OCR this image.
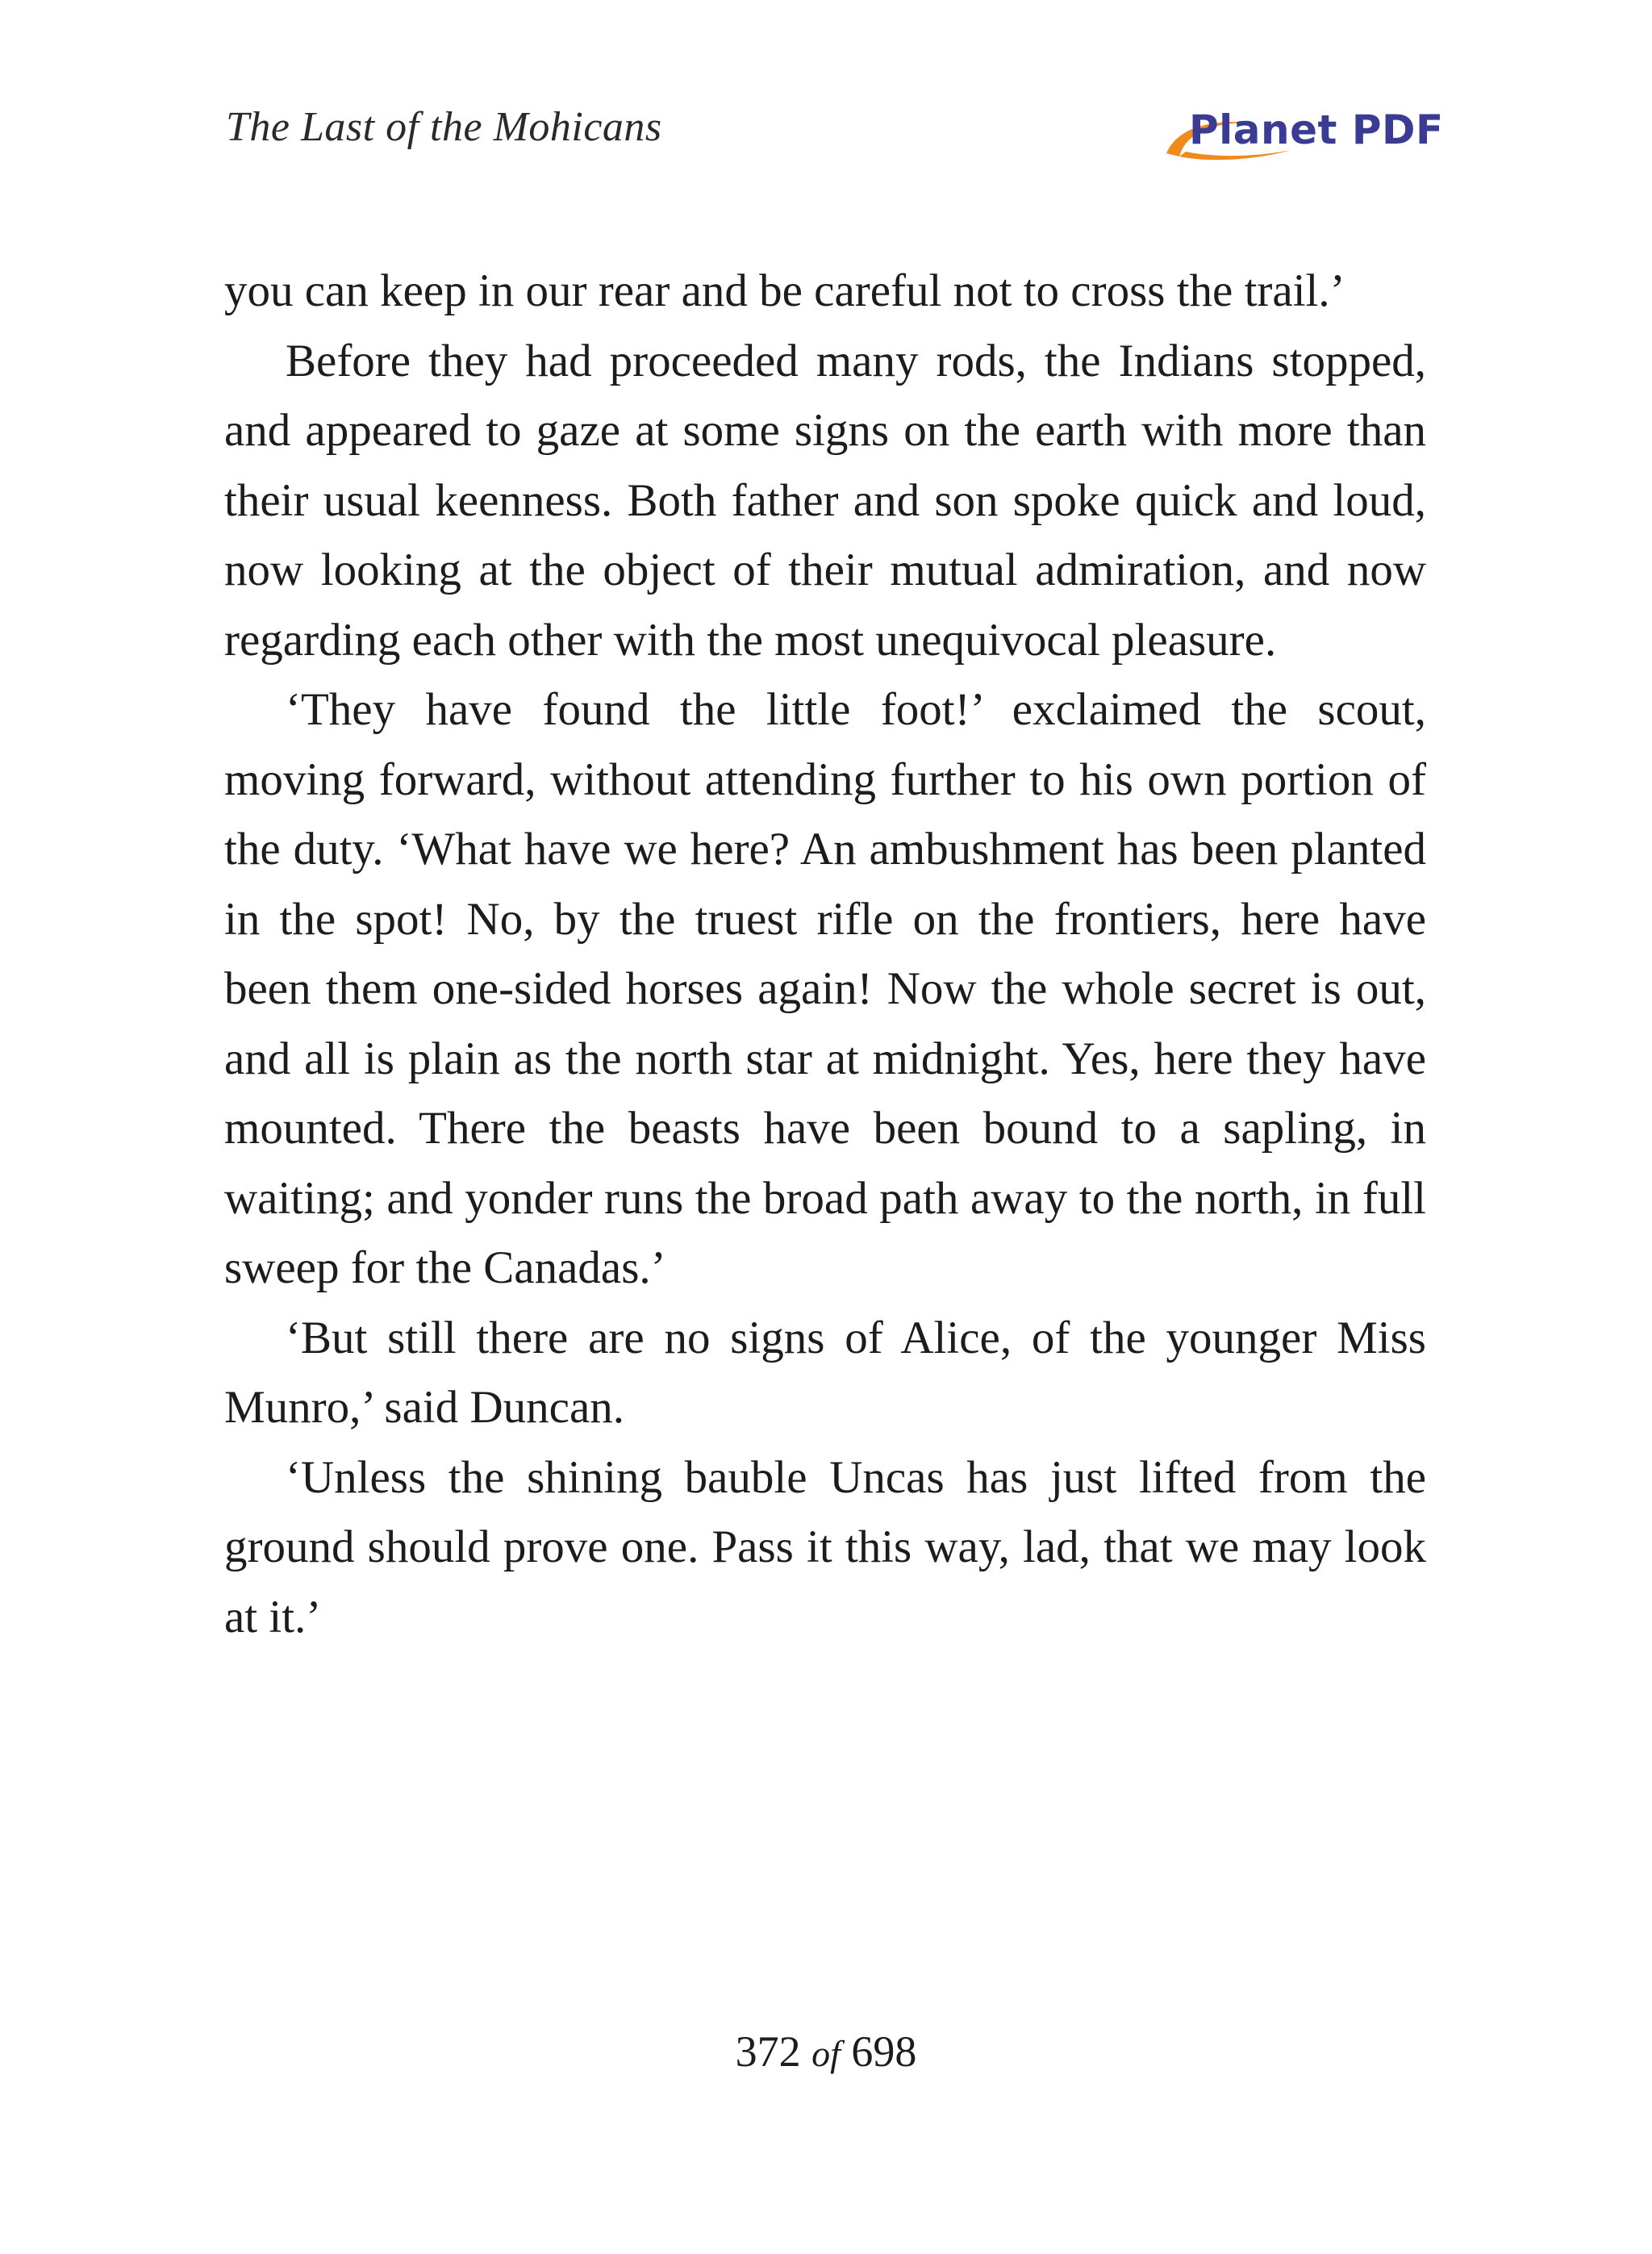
The Last of the Mohicans	Planet PDF

you can keep in our rear and be careful not to cross the trail.’

Before they had proceeded many rods, the Indians stopped, and appeared to gaze at some signs on the earth with more than their usual keenness. Both father and son spoke quick and loud, now looking at the object of their mutual admiration, and now regarding each other with the most unequivocal pleasure.

‘They have found the little foot!’ exclaimed the scout, moving forward, without attending further to his own portion of the duty. ‘What have we here? An ambushment has been planted in the spot! No, by the truest rifle on the frontiers, here have been them one-sided horses again! Now the whole secret is out, and all is plain as the north star at midnight. Yes, here they have mounted. There the beasts have been bound to a sapling, in waiting; and yonder runs the broad path away to the north, in full sweep for the Canadas.’

‘But still there are no signs of Alice, of the younger Miss Munro,’ said Duncan.

‘Unless the shining bauble Uncas has just lifted from the ground should prove one. Pass it this way, lad, that we may look at it.’

372 of 698
